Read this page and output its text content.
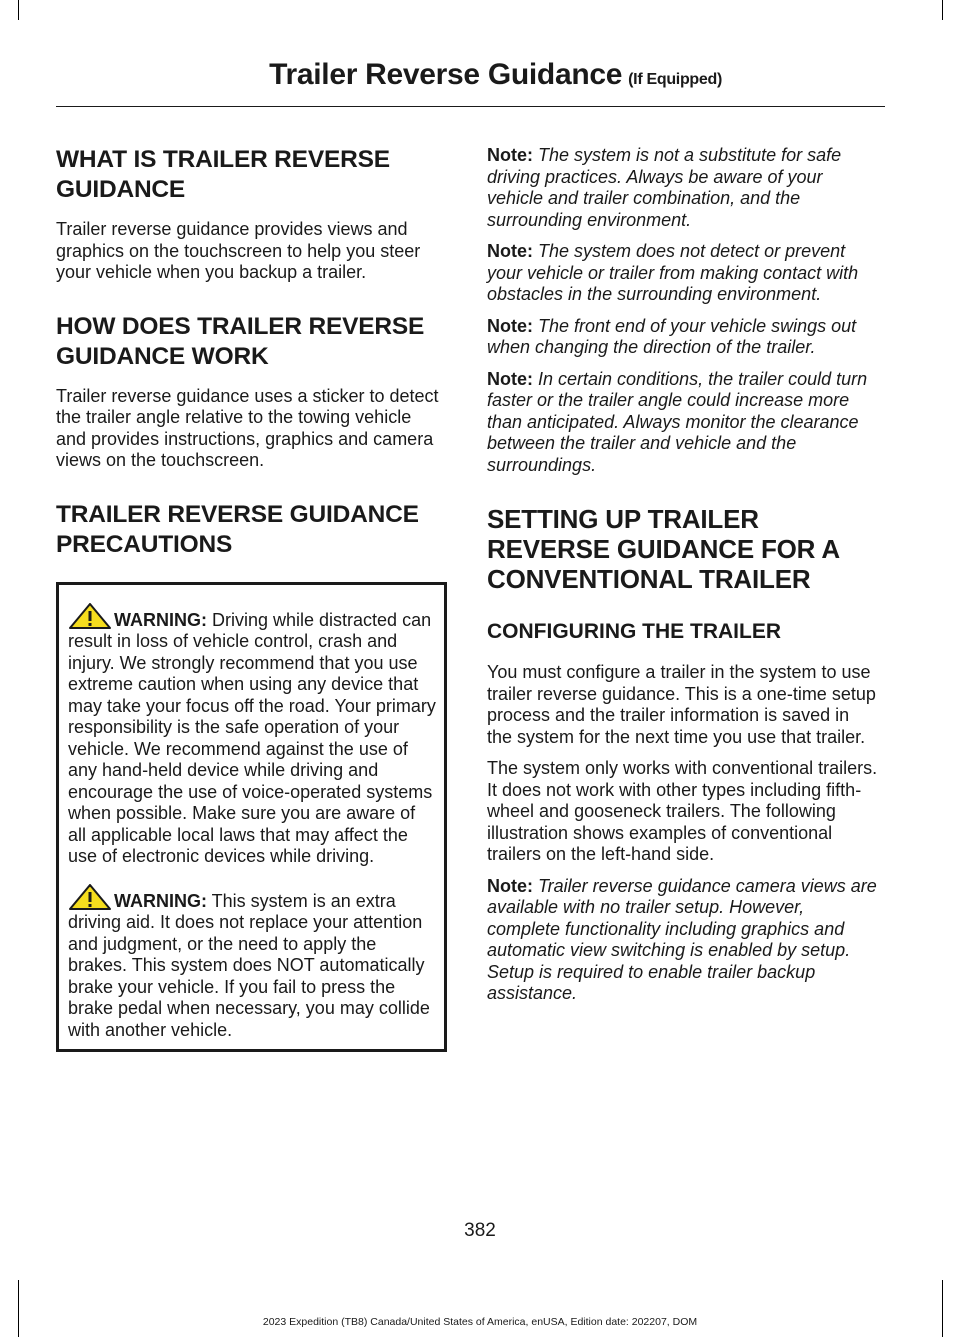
Trailer Reverse Guidance (If Equipped)
WHAT IS TRAILER REVERSE GUIDANCE

Trailer reverse guidance provides views and graphics on the touchscreen to help you steer your vehicle when you backup a trailer.

HOW DOES TRAILER REVERSE GUIDANCE WORK

Trailer reverse guidance uses a sticker to detect the trailer angle relative to the towing vehicle and provides instructions, graphics and camera views on the touchscreen.

TRAILER REVERSE GUIDANCE PRECAUTIONS

WARNING: Driving while distracted can result in loss of vehicle control, crash and injury. We strongly recommend that you use extreme caution when using any device that may take your focus off the road. Your primary responsibility is the safe operation of your vehicle. We recommend against the use of any hand-held device while driving and encourage the use of voice-operated systems when possible. Make sure you are aware of all applicable local laws that may affect the use of electronic devices while driving.

WARNING: This system is an extra driving aid. It does not replace your attention and judgment, or the need to apply the brakes. This system does NOT automatically brake your vehicle. If you fail to press the brake pedal when necessary, you may collide with another vehicle.

Note: The system is not a substitute for safe driving practices. Always be aware of your vehicle and trailer combination, and the surrounding environment.

Note: The system does not detect or prevent your vehicle or trailer from making contact with obstacles in the surrounding environment.

Note: The front end of your vehicle swings out when changing the direction of the trailer.

Note: In certain conditions, the trailer could turn faster or the trailer angle could increase more than anticipated. Always monitor the clearance between the trailer and vehicle and the surroundings.

SETTING UP TRAILER REVERSE GUIDANCE FOR A CONVENTIONAL TRAILER
CONFIGURING THE TRAILER

You must configure a trailer in the system to use trailer reverse guidance. This is a one-time setup process and the trailer information is saved in the system for the next time you use that trailer.

The system only works with conventional trailers. It does not work with other types including fifth-wheel and gooseneck trailers. The following illustration shows examples of conventional trailers on the left-hand side.

Note: Trailer reverse guidance camera views are available with no trailer setup. However, complete functionality including graphics and automatic view switching is enabled by setup. Setup is required to enable trailer backup assistance.

382
2023 Expedition (TB8) Canada/United States of America, enUSA, Edition date: 202207, DOM
